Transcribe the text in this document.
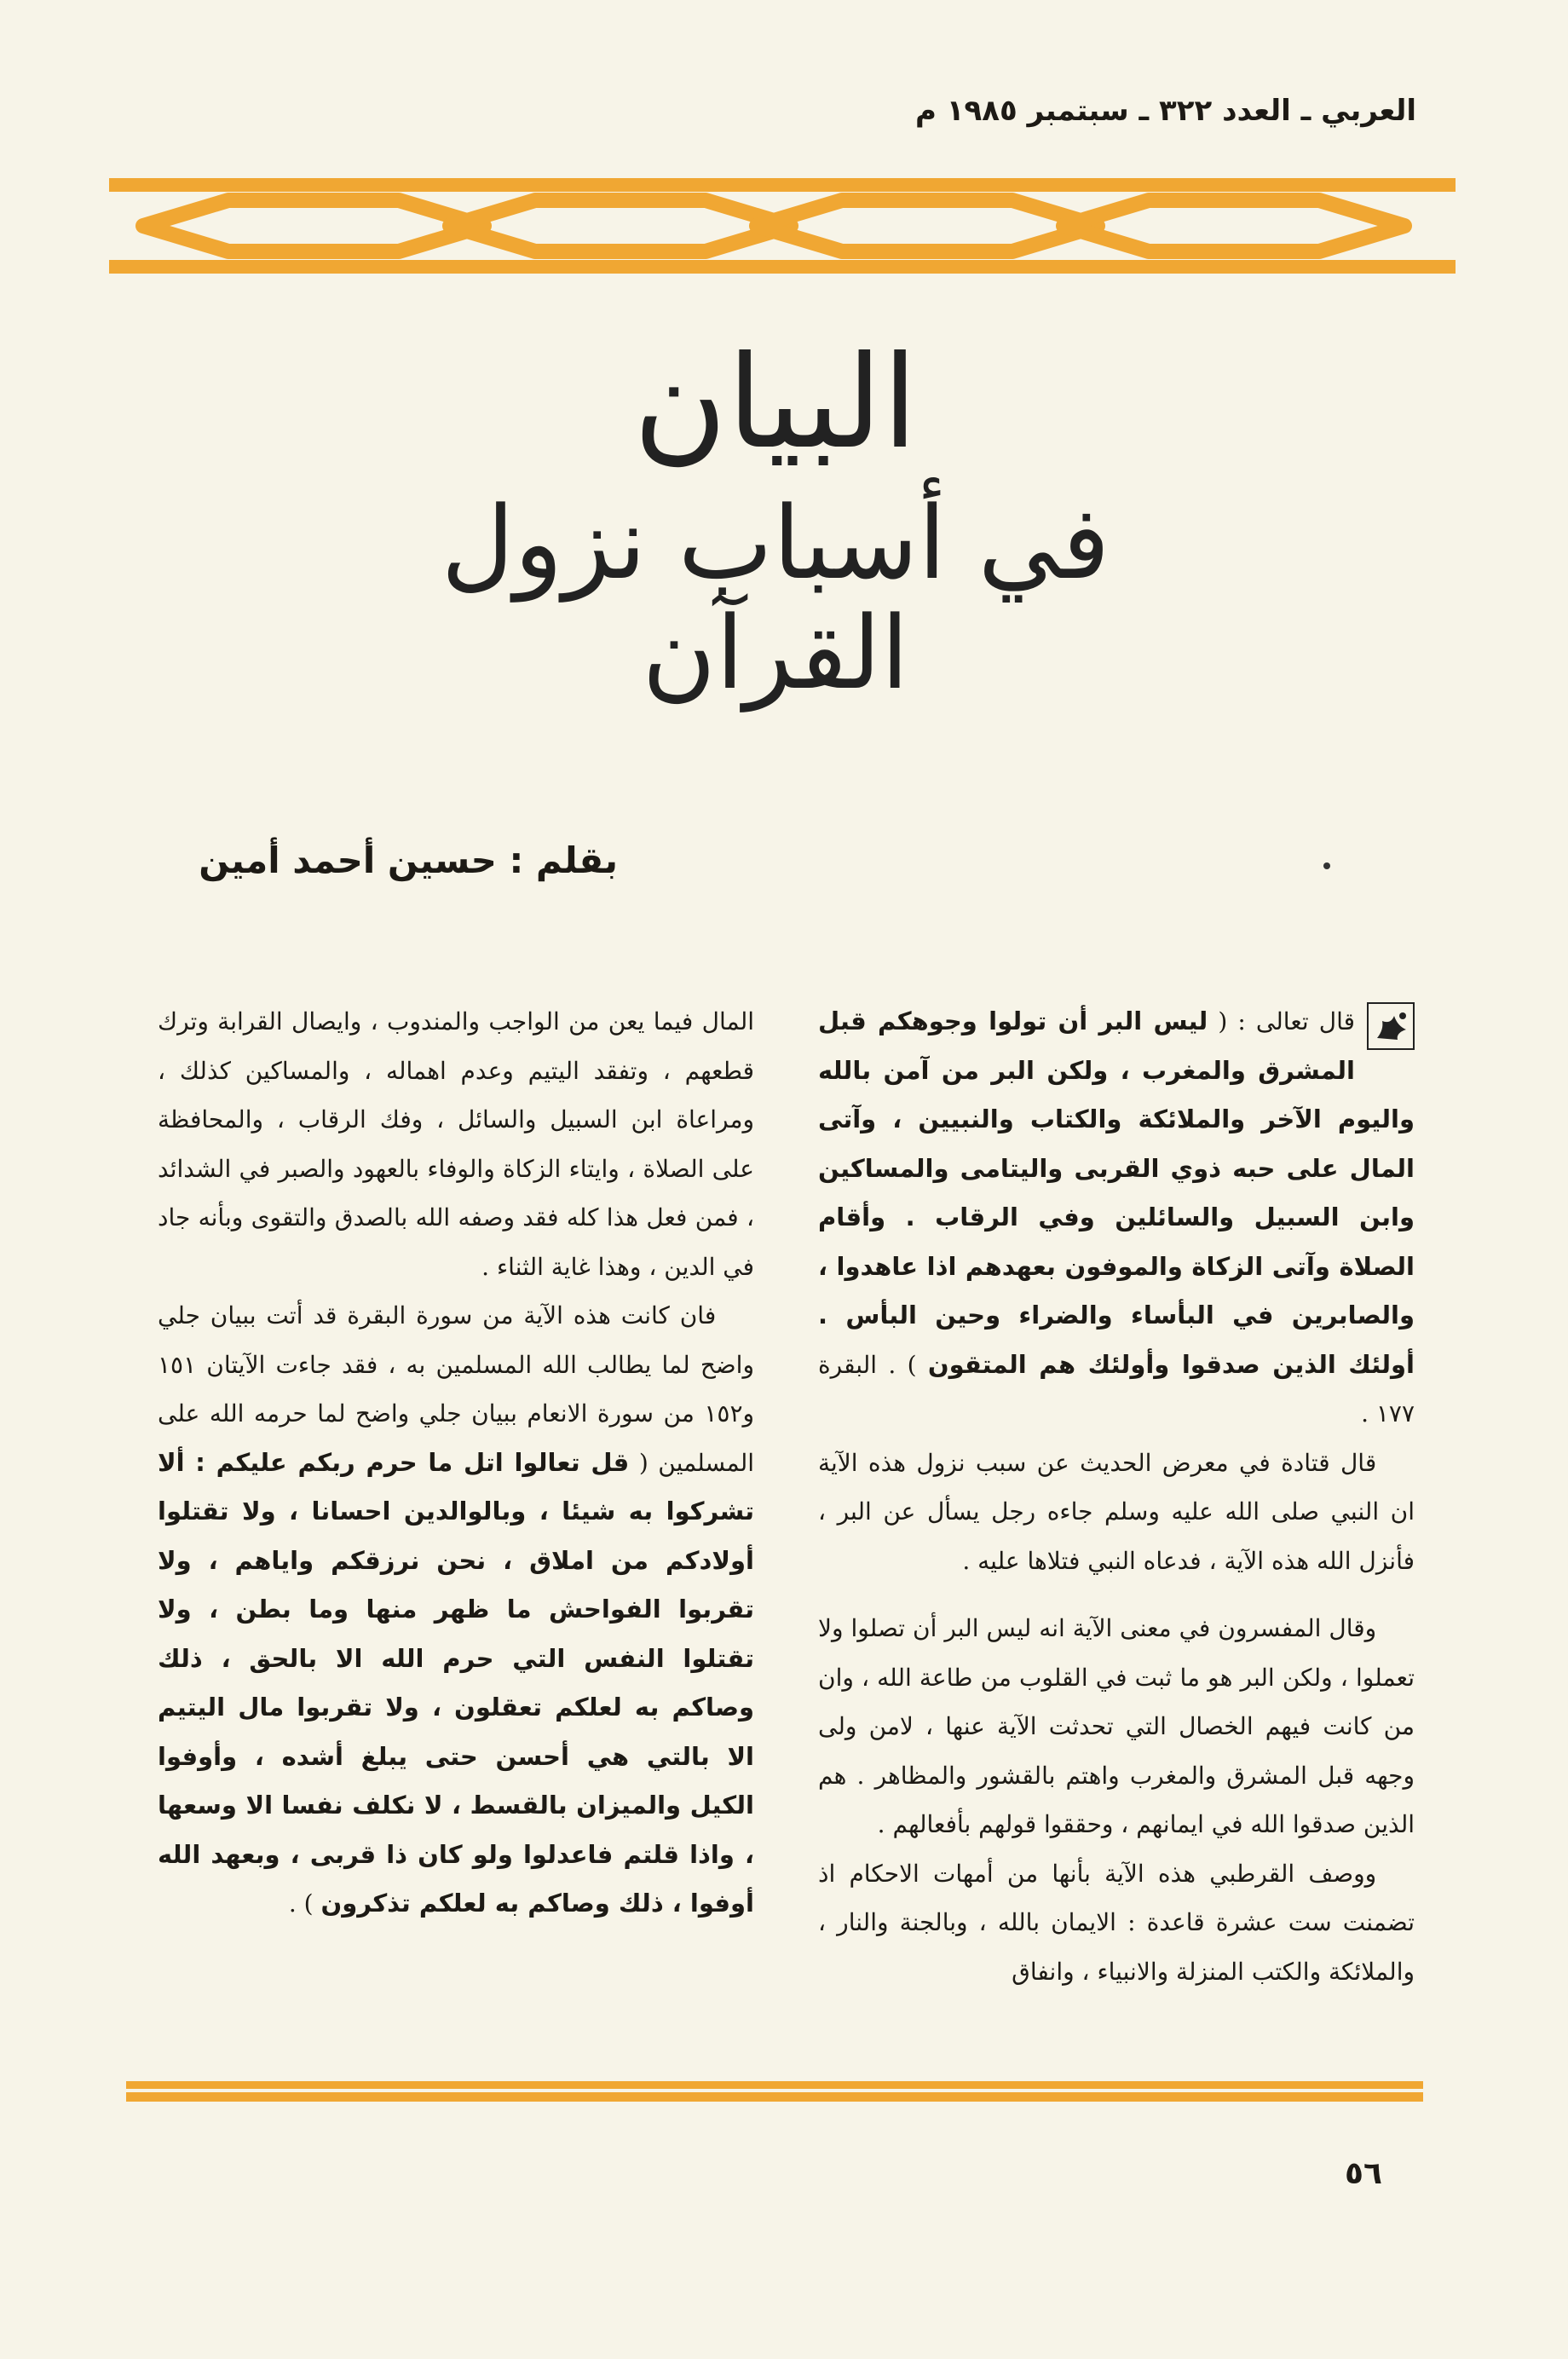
العربي ـ العدد ٣٢٢ ـ سبتمبر ١٩٨٥ م
البيان
في أسباب نزول القرآن
بقلم : حسين أحمد أمين

قال تعالى : ( ليس البر أن تولوا وجوهكم قبل المشرق والمغرب ، ولكن البر من آمن بالله واليوم الآخر والملائكة والكتاب والنبيين ، وآتى المال على حبه ذوي القربى واليتامى والمساكين وابن السبيل والسائلين وفي الرقاب . وأقام الصلاة وآتى الزكاة والموفون بعهدهم اذا عاهدوا ، والصابرين في البأساء والضراء وحين البأس . أولئك الذين صدقوا وأولئك هم المتقون ) . البقرة ١٧٧ .

قال قتادة في معرض الحديث عن سبب نزول هذه الآية ان النبي صلى الله عليه وسلم جاءه رجل يسأل عن البر ، فأنزل الله هذه الآية ، فدعاه النبي فتلاها عليه .

وقال المفسرون في معنى الآية انه ليس البر أن تصلوا ولا تعملوا ، ولكن البر هو ما ثبت في القلوب من طاعة الله ، وان من كانت فيهم الخصال التي تحدثت الآية عنها ، لامن ولى وجهه قبل المشرق والمغرب واهتم بالقشور والمظاهر . هم الذين صدقوا الله في ايمانهم ، وحققوا قولهم بأفعالهم .

ووصف القرطبي هذه الآية بأنها من أمهات الاحكام اذ تضمنت ست عشرة قاعدة : الايمان بالله ، وبالجنة والنار ، والملائكة والكتب المنزلة والانبياء ، وانفاق

المال فيما يعن من الواجب والمندوب ، وايصال القرابة وترك قطعهم ، وتفقد اليتيم وعدم اهماله ، والمساكين كذلك ، ومراعاة ابن السبيل والسائل ، وفك الرقاب ، والمحافظة على الصلاة ، وايتاء الزكاة والوفاء بالعهود والصبر في الشدائد ، فمن فعل هذا كله فقد وصفه الله بالصدق والتقوى وبأنه جاد في الدين ، وهذا غاية الثناء .

فان كانت هذه الآية من سورة البقرة قد أتت ببيان جلي واضح لما يطالب الله المسلمين به ، فقد جاءت الآيتان ١٥١ و١٥٢ من سورة الانعام ببيان جلي واضح لما حرمه الله على المسلمين ( قل تعالوا اتل ما حرم ربكم عليكم : ألا تشركوا به شيئا ، وبالوالدين احسانا ، ولا تقتلوا أولادكم من املاق ، نحن نرزقكم واياهم ، ولا تقربوا الفواحش ما ظهر منها وما بطن ، ولا تقتلوا النفس التي حرم الله الا بالحق ، ذلك وصاكم به لعلكم تعقلون ، ولا تقربوا مال اليتيم الا بالتي هي أحسن حتى يبلغ أشده ، وأوفوا الكيل والميزان بالقسط ، لا نكلف نفسا الا وسعها ، واذا قلتم فاعدلوا ولو كان ذا قربى ، وبعهد الله أوفوا ، ذلك وصاكم به لعلكم تذكرون ) .

٥٦
